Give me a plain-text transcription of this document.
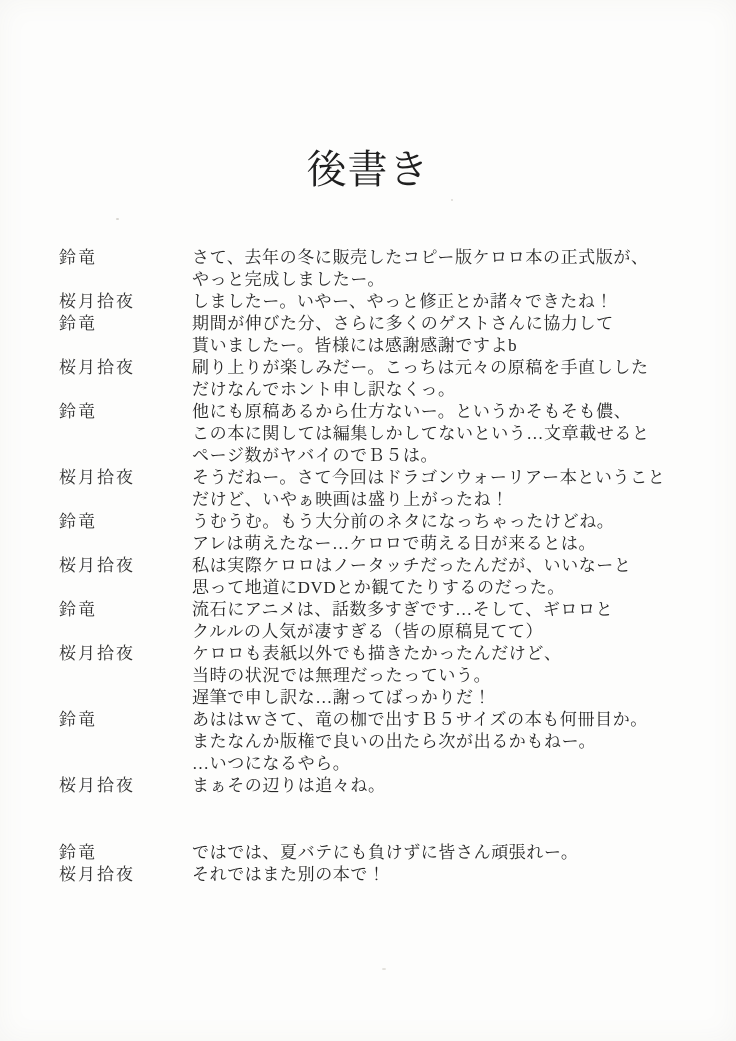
後書き
鈴竜	さて、去年の冬に販売したコピー版ケロロ本の正式版が、
やっと完成しましたー。
桜月拾夜	しましたー。いやー、やっと修正とか諸々できたね！
鈴竜	期間が伸びた分、さらに多くのゲストさんに協力して
貰いましたー。皆様には感謝感謝ですよb
桜月拾夜	刷り上りが楽しみだー。こっちは元々の原稿を手直しした
だけなんでホント申し訳なくっ。
鈴竜	他にも原稿あるから仕方ないー。というかそもそも儂、
この本に関しては編集しかしてないという…文章載せると
ページ数がヤバイのでＢ５は。
桜月拾夜	そうだねー。さて今回はドラゴンウォーリアー本ということ
だけど、いやぁ映画は盛り上がったね！
鈴竜	うむうむ。もう大分前のネタになっちゃったけどね。
アレは萌えたなー…ケロロで萌える日が来るとは。
桜月拾夜	私は実際ケロロはノータッチだったんだが、いいなーと
思って地道にDVDとか観てたりするのだった。
鈴竜	流石にアニメは、話数多すぎです…そして、ギロロと
クルルの人気が凄すぎる（皆の原稿見てて）
桜月拾夜	ケロロも表紙以外でも描きたかったんだけど、
当時の状況では無理だったっていう。
遅筆で申し訳な…謝ってばっかりだ！
鈴竜	あははｗさて、竜の枷で出すＢ５サイズの本も何冊目か。
またなんか版権で良いの出たら次が出るかもねー。
…いつになるやら。
桜月拾夜	まぁその辺りは追々ね。
鈴竜	ではでは、夏バテにも負けずに皆さん頑張れー。
桜月拾夜	それではまた別の本で！
